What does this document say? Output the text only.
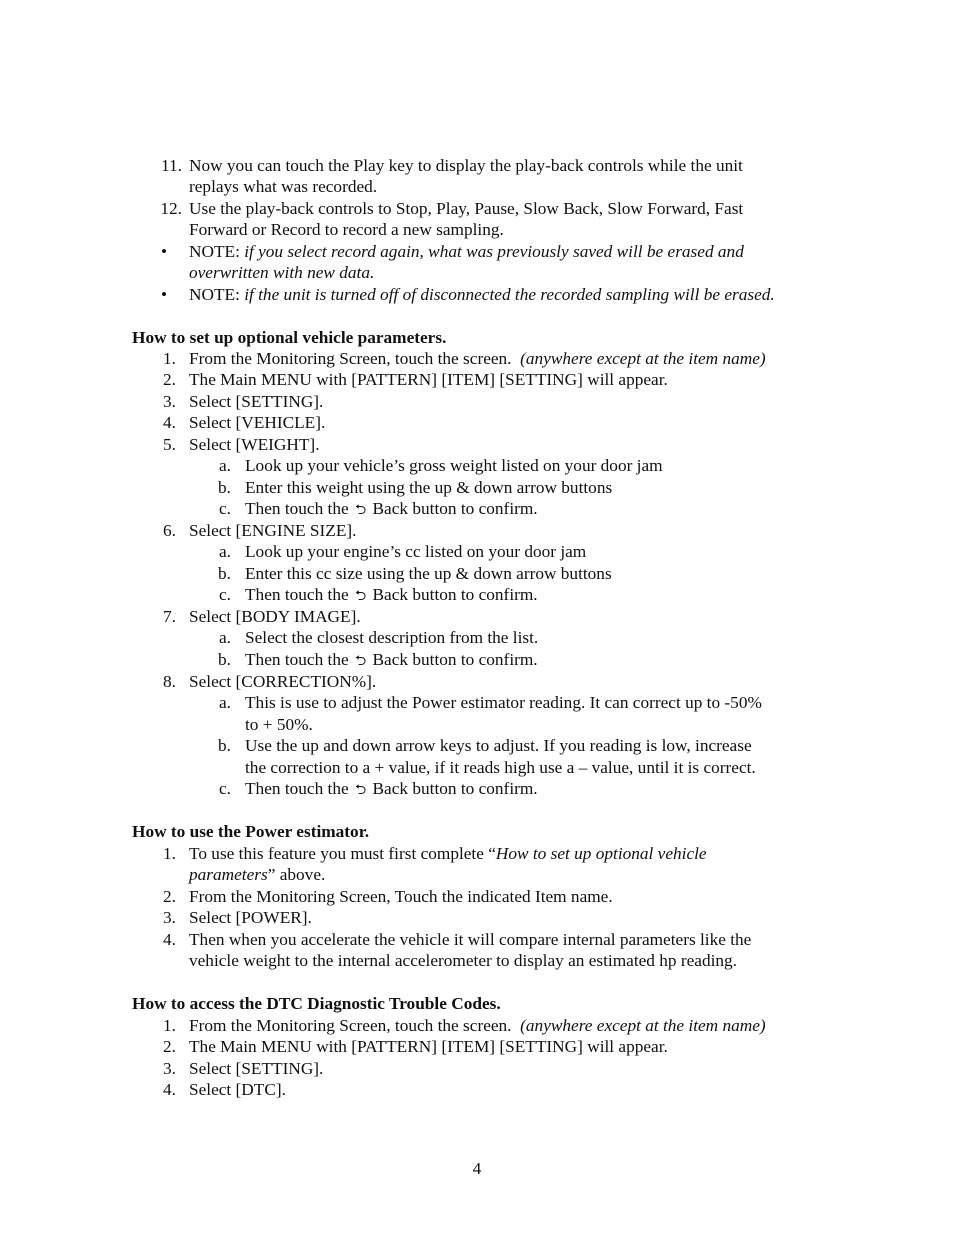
11. Now you can touch the Play key to display the play-back controls while the unit
replays what was recorded.
12. Use the play-back controls to Stop, Play, Pause, Slow Back, Slow Forward, Fast
Forward or Record to record a new sampling.
• NOTE: if you select record again, what was previously saved will be erased and
overwritten with new data.
• NOTE: if the unit is turned off of disconnected the recorded sampling will be erased.
How to set up optional vehicle parameters.
1. From the Monitoring Screen, touch the screen. (anywhere except at the item name)
2. The Main MENU with [PATTERN] [ITEM] [SETTING] will appear.
3. Select [SETTING].
4. Select [VEHICLE].
5. Select [WEIGHT].
a. Look up your vehicle’s gross weight listed on your door jam
b. Enter this weight using the up & down arrow buttons
c. Then touch the ⮌ Back button to confirm.
6. Select [ENGINE SIZE].
a. Look up your engine’s cc listed on your door jam
b. Enter this cc size using the up & down arrow buttons
c. Then touch the ⮌ Back button to confirm.
7. Select [BODY IMAGE].
a. Select the closest description from the list.
b. Then touch the ⮌ Back button to confirm.
8. Select [CORRECTION%].
a. This is use to adjust the Power estimator reading. It can correct up to -50%
to + 50%.
b. Use the up and down arrow keys to adjust. If you reading is low, increase
the correction to a + value, if it reads high use a – value, until it is correct.
c. Then touch the ⮌ Back button to confirm.
How to use the Power estimator.
1. To use this feature you must first complete “How to set up optional vehicle
parameters” above.
2. From the Monitoring Screen, Touch the indicated Item name.
3. Select [POWER].
4. Then when you accelerate the vehicle it will compare internal parameters like the
vehicle weight to the internal accelerometer to display an estimated hp reading.
How to access the DTC Diagnostic Trouble Codes.
1. From the Monitoring Screen, touch the screen. (anywhere except at the item name)
2. The Main MENU with [PATTERN] [ITEM] [SETTING] will appear.
3. Select [SETTING].
4. Select [DTC].
4
